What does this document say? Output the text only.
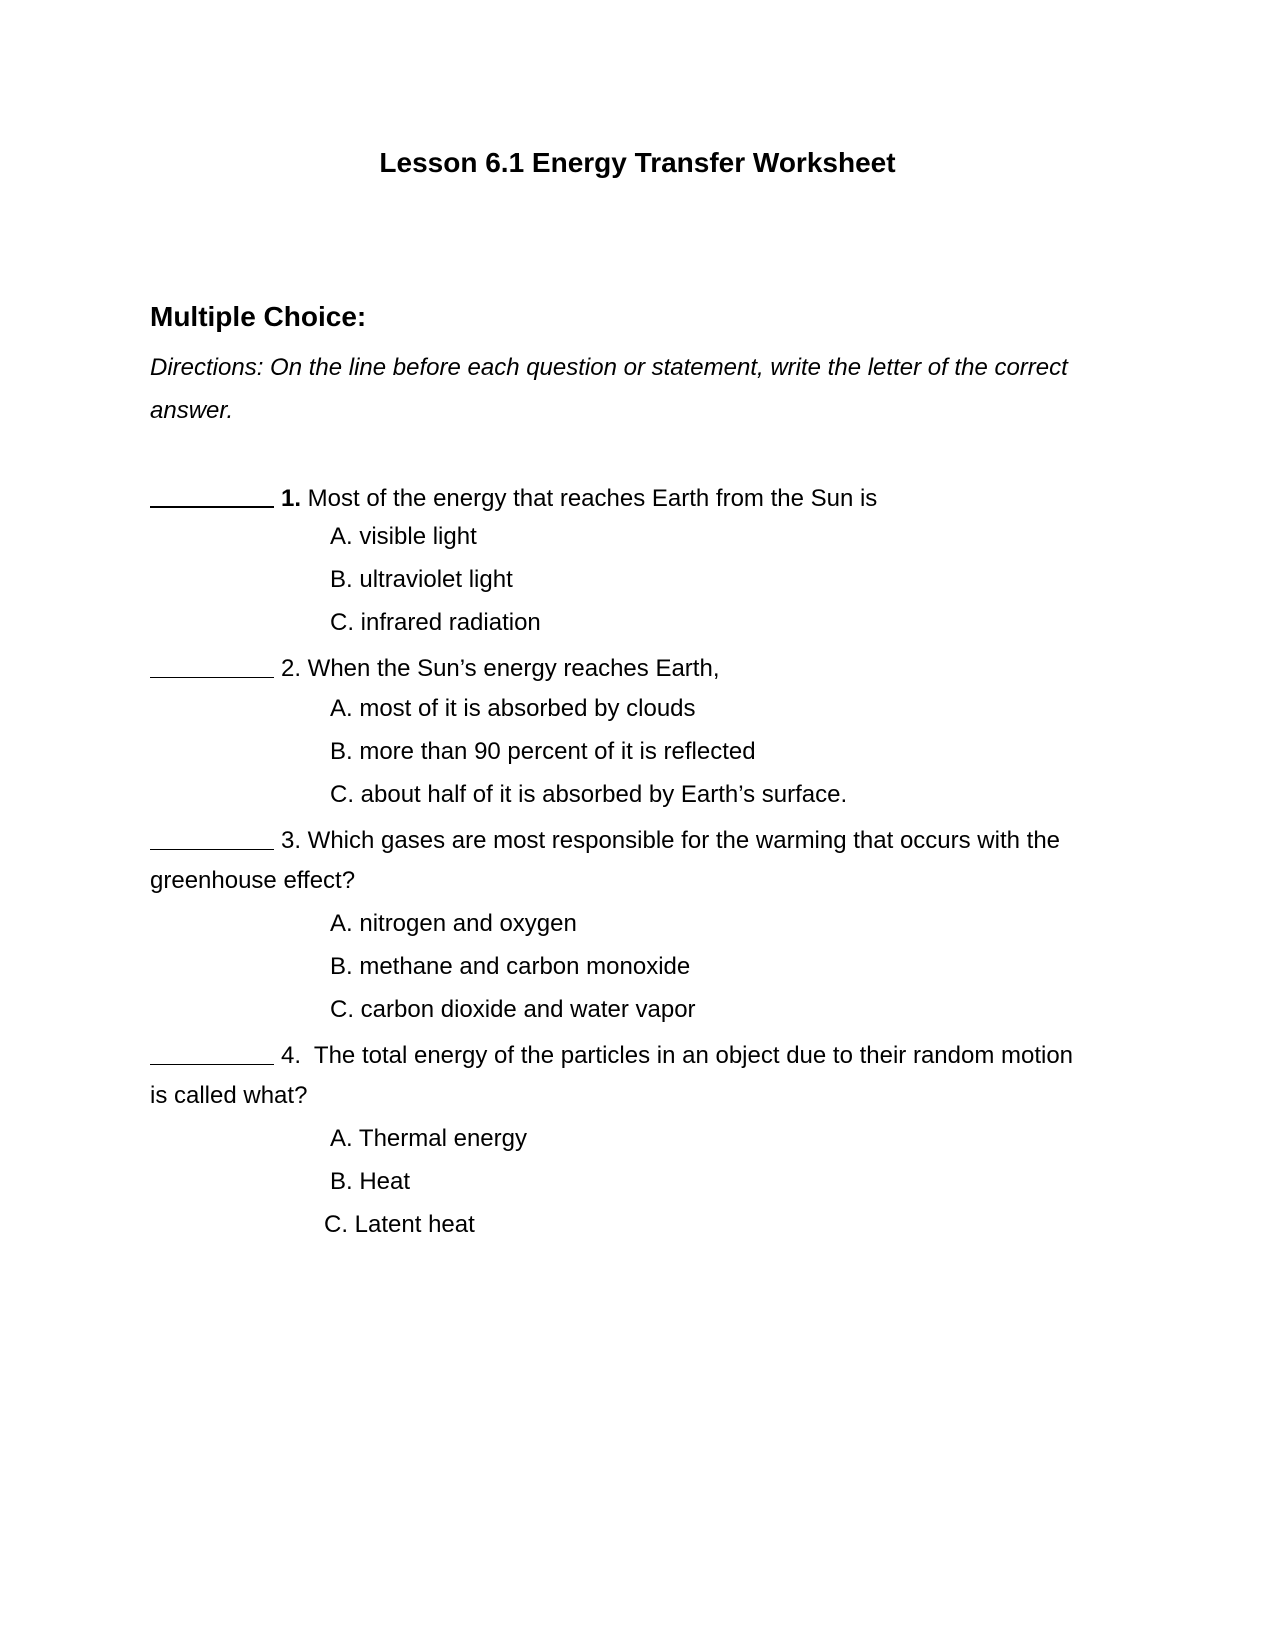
Lesson 6.1 Energy Transfer Worksheet
Multiple Choice:
Directions: On the line before each question or statement, write the letter of the correct answer.
1. Most of the energy that reaches Earth from the Sun is
A. visible light
B. ultraviolet light
C. infrared radiation
2. When the Sun’s energy reaches Earth,
A. most of it is absorbed by clouds
B. more than 90 percent of it is reflected
C. about half of it is absorbed by Earth’s surface.
3. Which gases are most responsible for the warming that occurs with the
greenhouse effect?
A. nitrogen and oxygen
B. methane and carbon monoxide
C. carbon dioxide and water vapor
4.  The total energy of the particles in an object due to their random motion
is called what?
A. Thermal energy
B. Heat
C. Latent heat
